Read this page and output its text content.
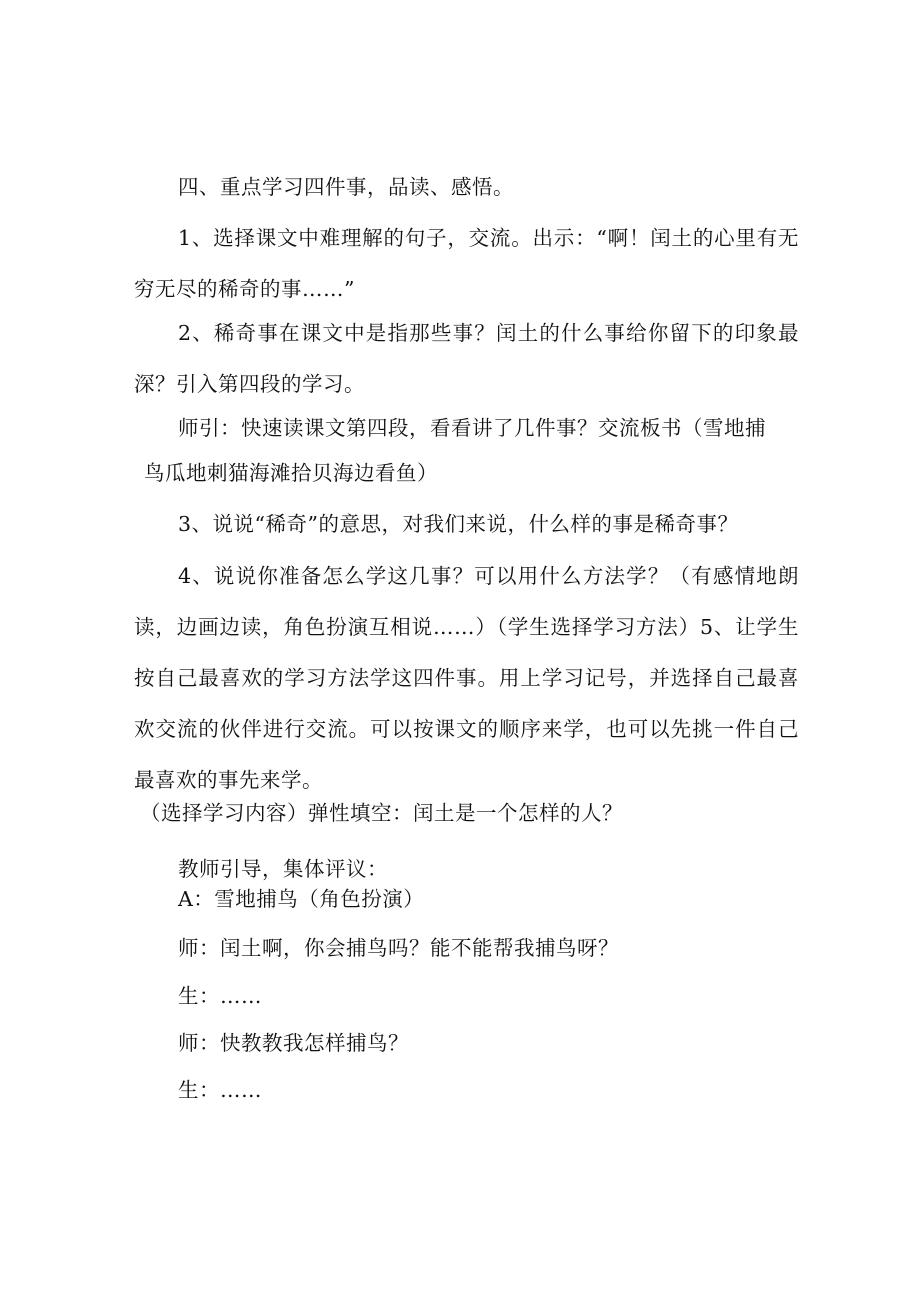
四、重点学习四件事，品读、感悟。

1、选择课文中难理解的句子，交流。出示：“啊！闰土的心里有无穷无尽的稀奇的事……”

2、稀奇事在课文中是指那些事？闰土的什么事给你留下的印象最深？引入第四段的学习。

师引：快速读课文第四段，看看讲了几件事？交流板书（雪地捕

鸟瓜地刺猫海滩拾贝海边看鱼）

3、说说“稀奇”的意思，对我们来说，什么样的事是稀奇事？

4、说说你准备怎么学这几事？可以用什么方法学？（有感情地朗读，边画边读，角色扮演互相说……）（学生选择学习方法）5、让学生按自己最喜欢的学习方法学这四件事。用上学习记号，并选择自己最喜欢交流的伙伴进行交流。可以按课文的顺序来学，也可以先挑一件自己最喜欢的事先来学。

（选择学习内容）弹性填空：闰土是一个怎样的人？

教师引导，集体评议：

A：雪地捕鸟（角色扮演）

师：闰土啊，你会捕鸟吗？能不能帮我捕鸟呀？

生：……

师：快教教我怎样捕鸟？

生：……
